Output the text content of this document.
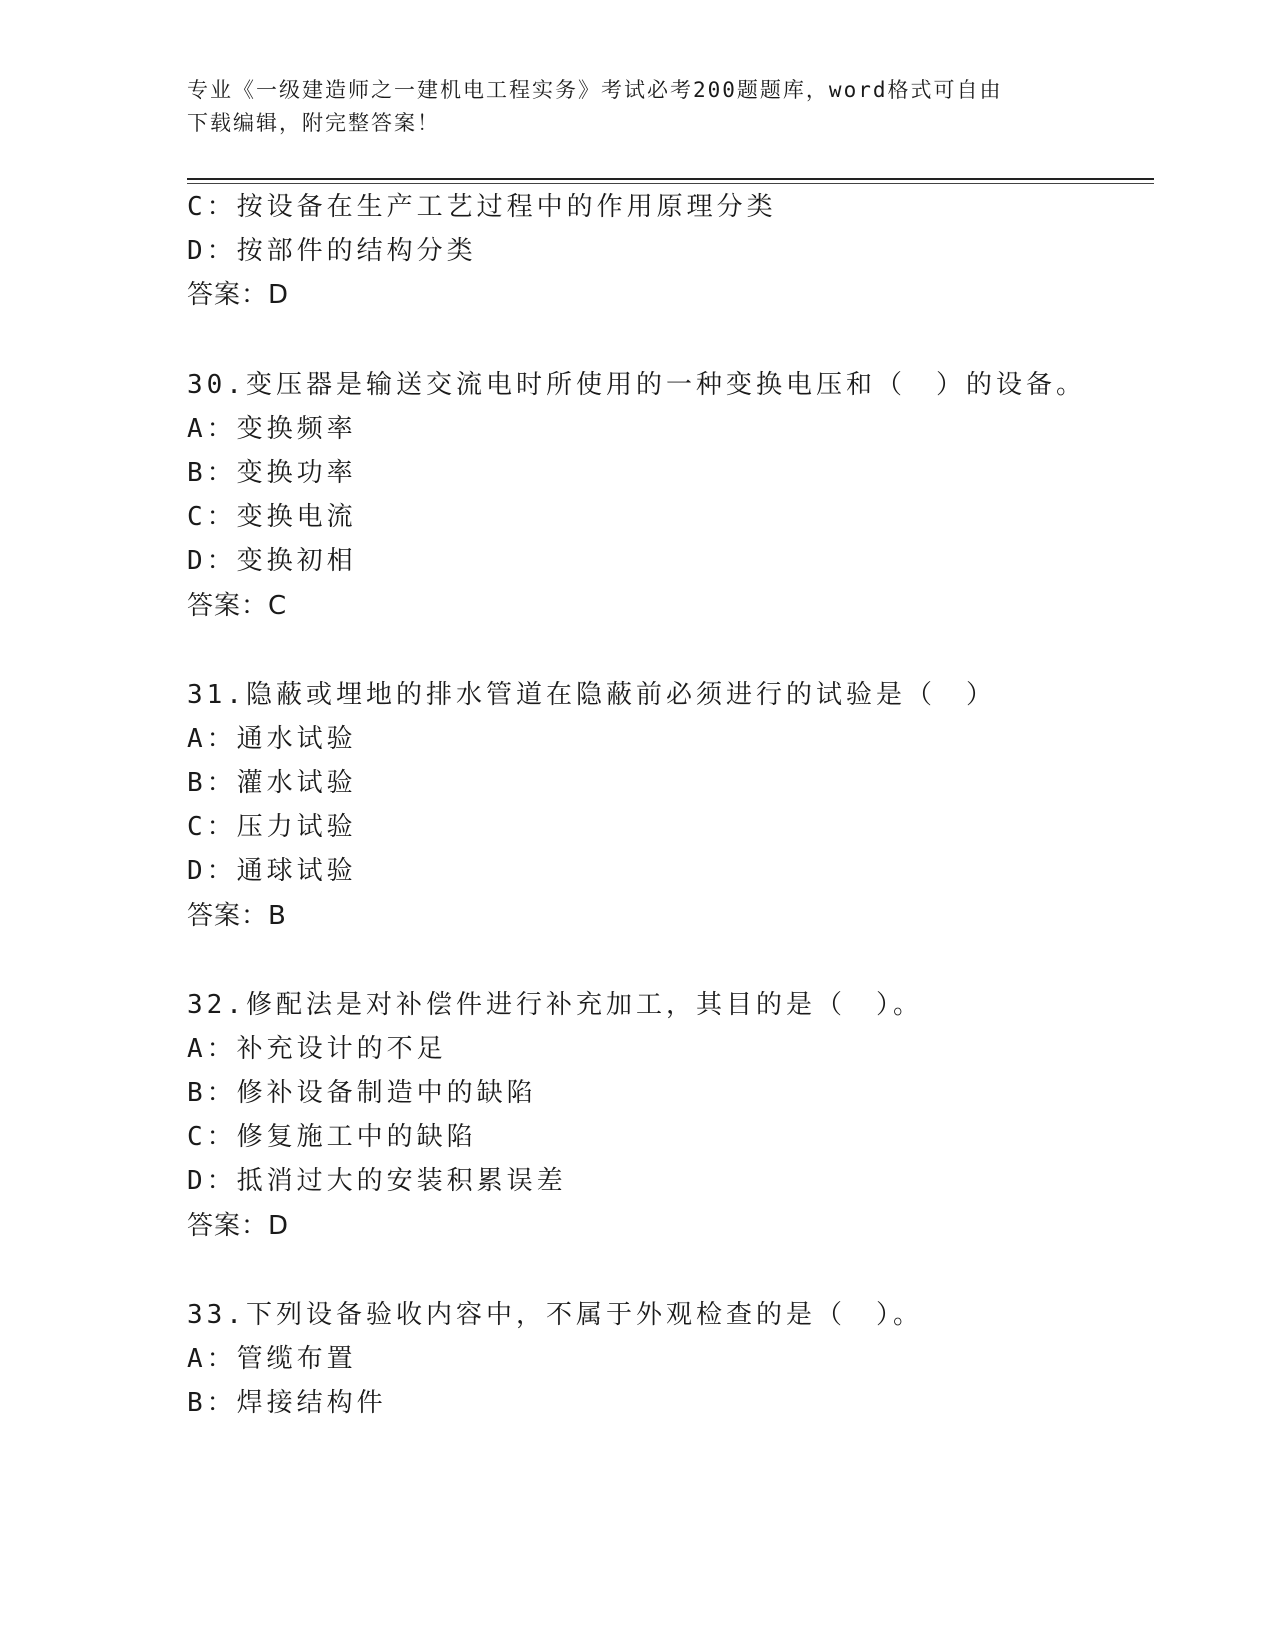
专业《一级建造师之一建机电工程实务》考试必考200题题库，word格式可自由
下载编辑，附完整答案！
C：按设备在生产工艺过程中的作用原理分类
D：按部件的结构分类
答案：D
30.变压器是输送交流电时所使用的一种变换电压和（　）的设备。
A：变换频率
B：变换功率
C：变换电流
D：变换初相
答案：C
31.隐蔽或埋地的排水管道在隐蔽前必须进行的试验是（　）
A：通水试验
B：灌水试验
C：压力试验
D：通球试验
答案：B
32.修配法是对补偿件进行补充加工，其目的是（　）。
A：补充设计的不足
B：修补设备制造中的缺陷
C：修复施工中的缺陷
D：抵消过大的安装积累误差
答案：D
33.下列设备验收内容中，不属于外观检查的是（　）。
A：管缆布置
B：焊接结构件
